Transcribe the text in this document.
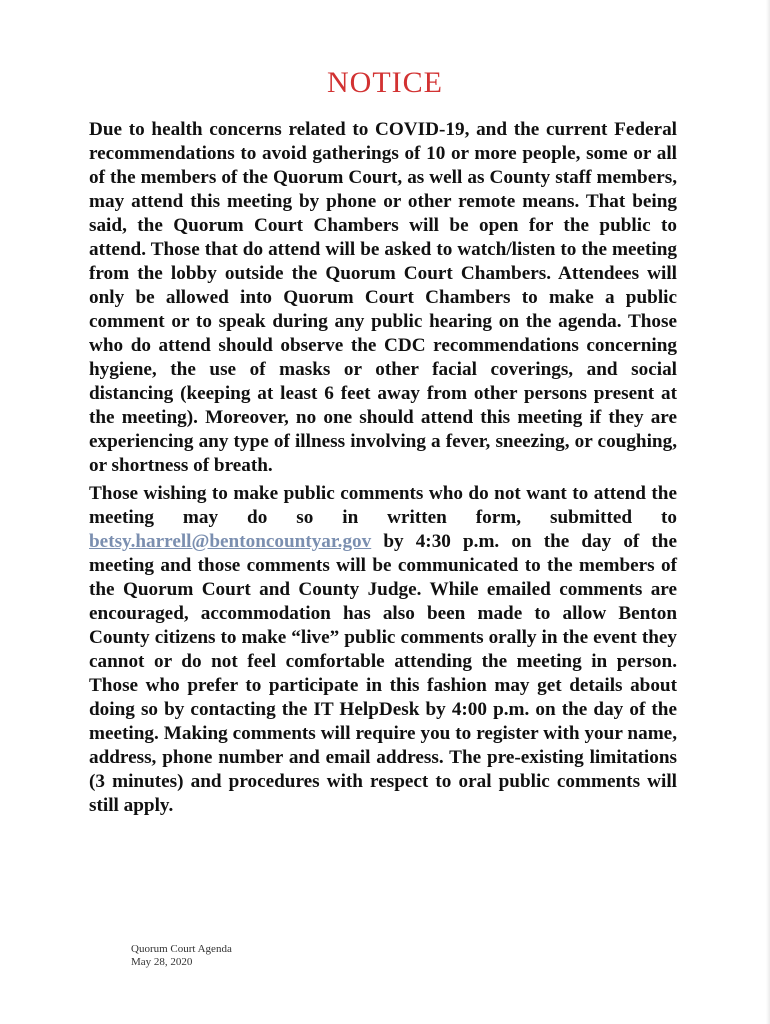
NOTICE

Due to health concerns related to COVID-19, and the current Federal recommendations to avoid gatherings of 10 or more people, some or all of the members of the Quorum Court, as well as County staff members, may attend this meeting by phone or other remote means. That being said, the Quorum Court Chambers will be open for the public to attend. Those that do attend will be asked to watch/listen to the meeting from the lobby outside the Quorum Court Chambers. Attendees will only be allowed into Quorum Court Chambers to make a public comment or to speak during any public hearing on the agenda. Those who do attend should observe the CDC recommendations concerning hygiene, the use of masks or other facial coverings, and social distancing (keeping at least 6 feet away from other persons present at the meeting). Moreover, no one should attend this meeting if they are experiencing any type of illness involving a fever, sneezing, or coughing, or shortness of breath.

Those wishing to make public comments who do not want to attend the meeting may do so in written form, submitted to betsy.harrell@bentoncountyar.gov by 4:30 p.m. on the day of the meeting and those comments will be communicated to the members of the Quorum Court and County Judge. While emailed comments are encouraged, accommodation has also been made to allow Benton County citizens to make “live” public comments orally in the event they cannot or do not feel comfortable attending the meeting in person. Those who prefer to participate in this fashion may get details about doing so by contacting the IT HelpDesk by 4:00 p.m. on the day of the meeting. Making comments will require you to register with your name, address, phone number and email address. The pre-existing limitations (3 minutes) and procedures with respect to oral public comments will still apply.

Quorum Court Agenda
May 28, 2020
